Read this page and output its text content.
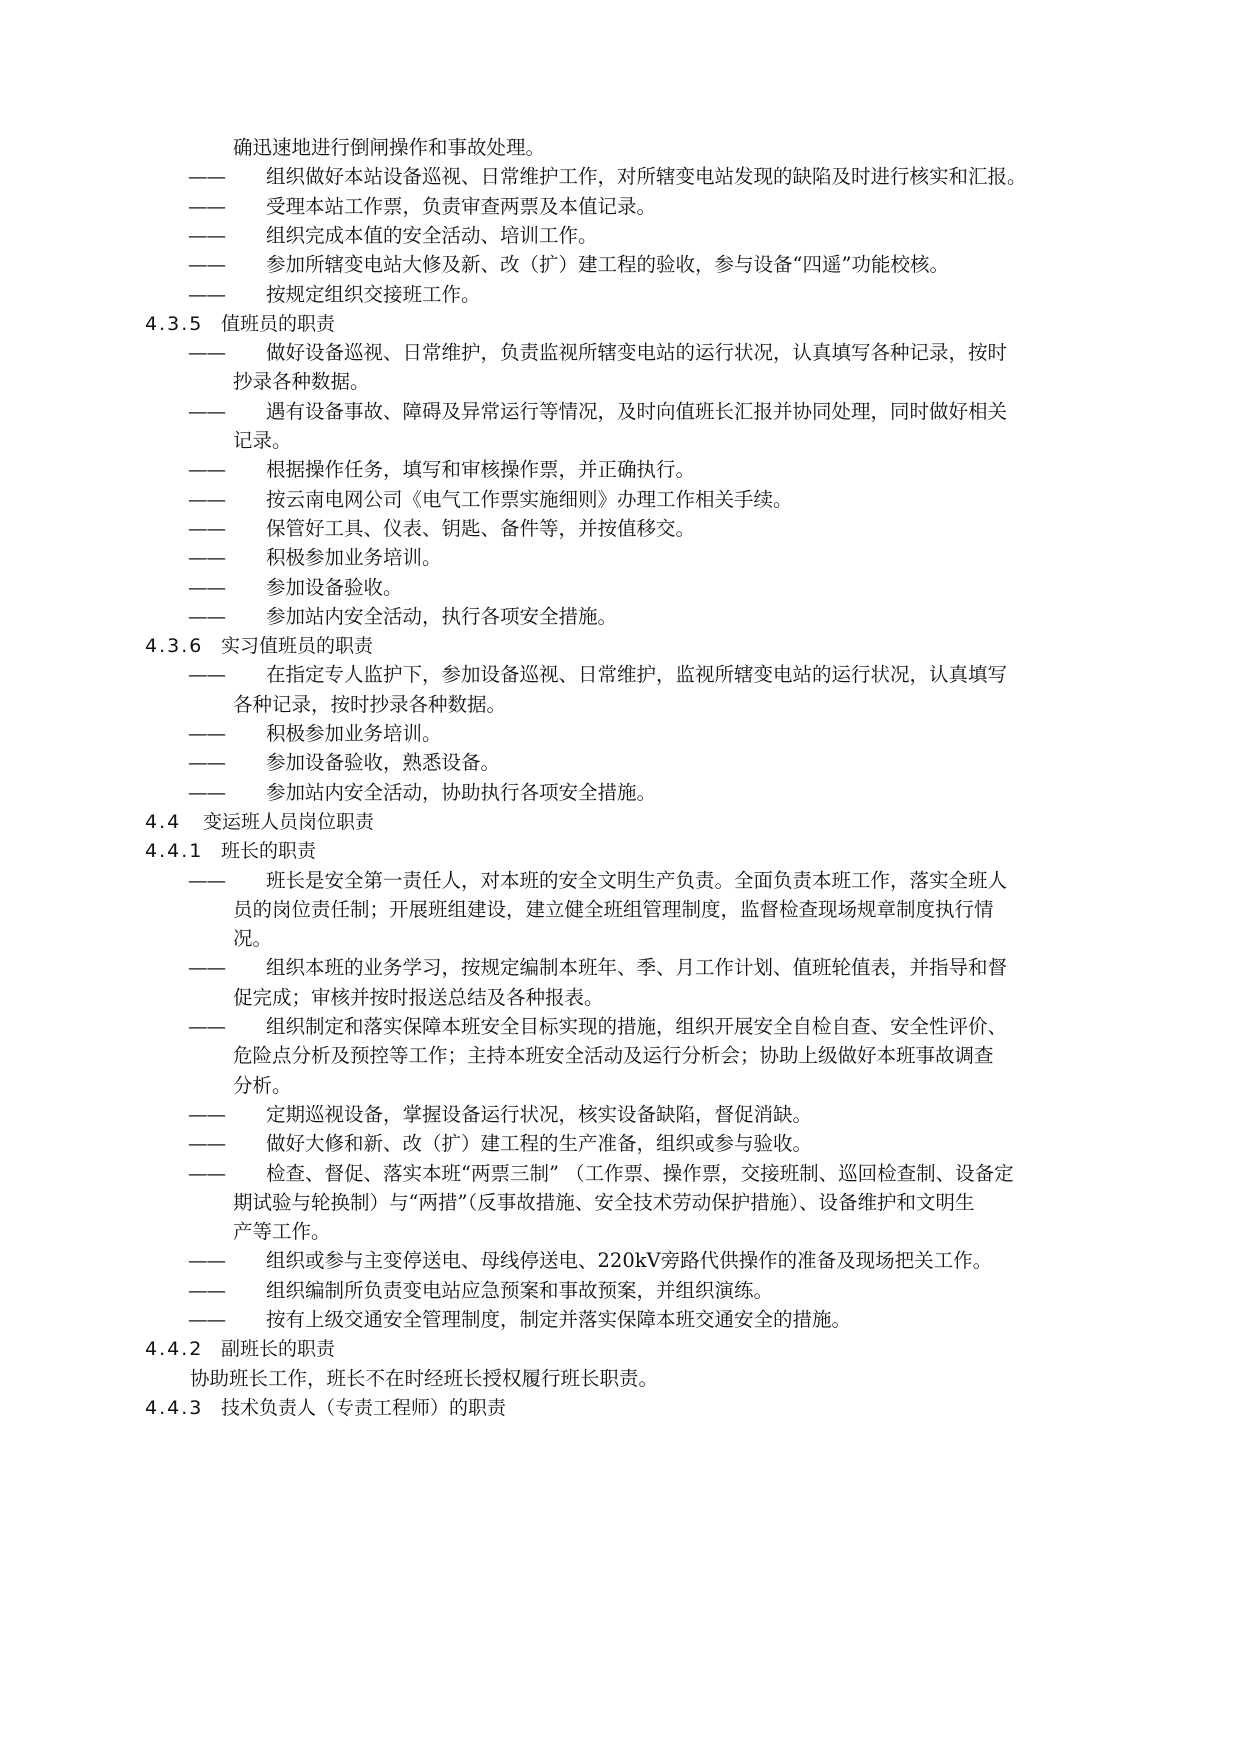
确迅速地进行倒闸操作和事故处理。
—— 组织做好本站设备巡视、日常维护工作，对所辖变电站发现的缺陷及时进行核实和汇报。
—— 受理本站工作票，负责审查两票及本值记录。
—— 组织完成本值的安全活动、培训工作。
—— 参加所辖变电站大修及新、改（扩）建工程的验收，参与设备“四遥”功能校核。
—— 按规定组织交接班工作。
4.3.5 值班员的职责
—— 做好设备巡视、日常维护，负责监视所辖变电站的运行状况，认真填写各种记录，按时
抄录各种数据。
—— 遇有设备事故、障碍及异常运行等情况，及时向值班长汇报并协同处理，同时做好相关
记录。
—— 根据操作任务，填写和审核操作票，并正确执行。
—— 按云南电网公司《电气工作票实施细则》办理工作相关手续。
—— 保管好工具、仪表、钥匙、备件等，并按值移交。
—— 积极参加业务培训。
—— 参加设备验收。
—— 参加站内安全活动，执行各项安全措施。
4.3.6 实习值班员的职责
—— 在指定专人监护下，参加设备巡视、日常维护，监视所辖变电站的运行状况，认真填写
各种记录，按时抄录各种数据。
—— 积极参加业务培训。
—— 参加设备验收，熟悉设备。
—— 参加站内安全活动，协助执行各项安全措施。
4.4 变运班人员岗位职责
4.4.1 班长的职责
—— 班长是安全第一责任人，对本班的安全文明生产负责。全面负责本班工作，落实全班人
员的岗位责任制；开展班组建设，建立健全班组管理制度，监督检查现场规章制度执行情
况。
—— 组织本班的业务学习，按规定编制本班年、季、月工作计划、值班轮值表，并指导和督
促完成；审核并按时报送总结及各种报表。
—— 组织制定和落实保障本班安全目标实现的措施，组织开展安全自检自查、安全性评价、
危险点分析及预控等工作；主持本班安全活动及运行分析会；协助上级做好本班事故调查
分析。
—— 定期巡视设备，掌握设备运行状况，核实设备缺陷，督促消缺。
—— 做好大修和新、改（扩）建工程的生产准备，组织或参与验收。
—— 检查、督促、落实本班“两票三制” （工作票、操作票，交接班制、巡回检查制、设备定
期试验与轮换制）与“两措”（反事故措施、安全技术劳动保护措施）、设备维护和文明生
产等工作。
—— 组织或参与主变停送电、母线停送电、220kV旁路代供操作的准备及现场把关工作。
—— 组织编制所负责变电站应急预案和事故预案，并组织演练。
—— 按有上级交通安全管理制度，制定并落实保障本班交通安全的措施。
4.4.2 副班长的职责
协助班长工作，班长不在时经班长授权履行班长职责。
4.4.3 技术负责人（专责工程师）的职责
